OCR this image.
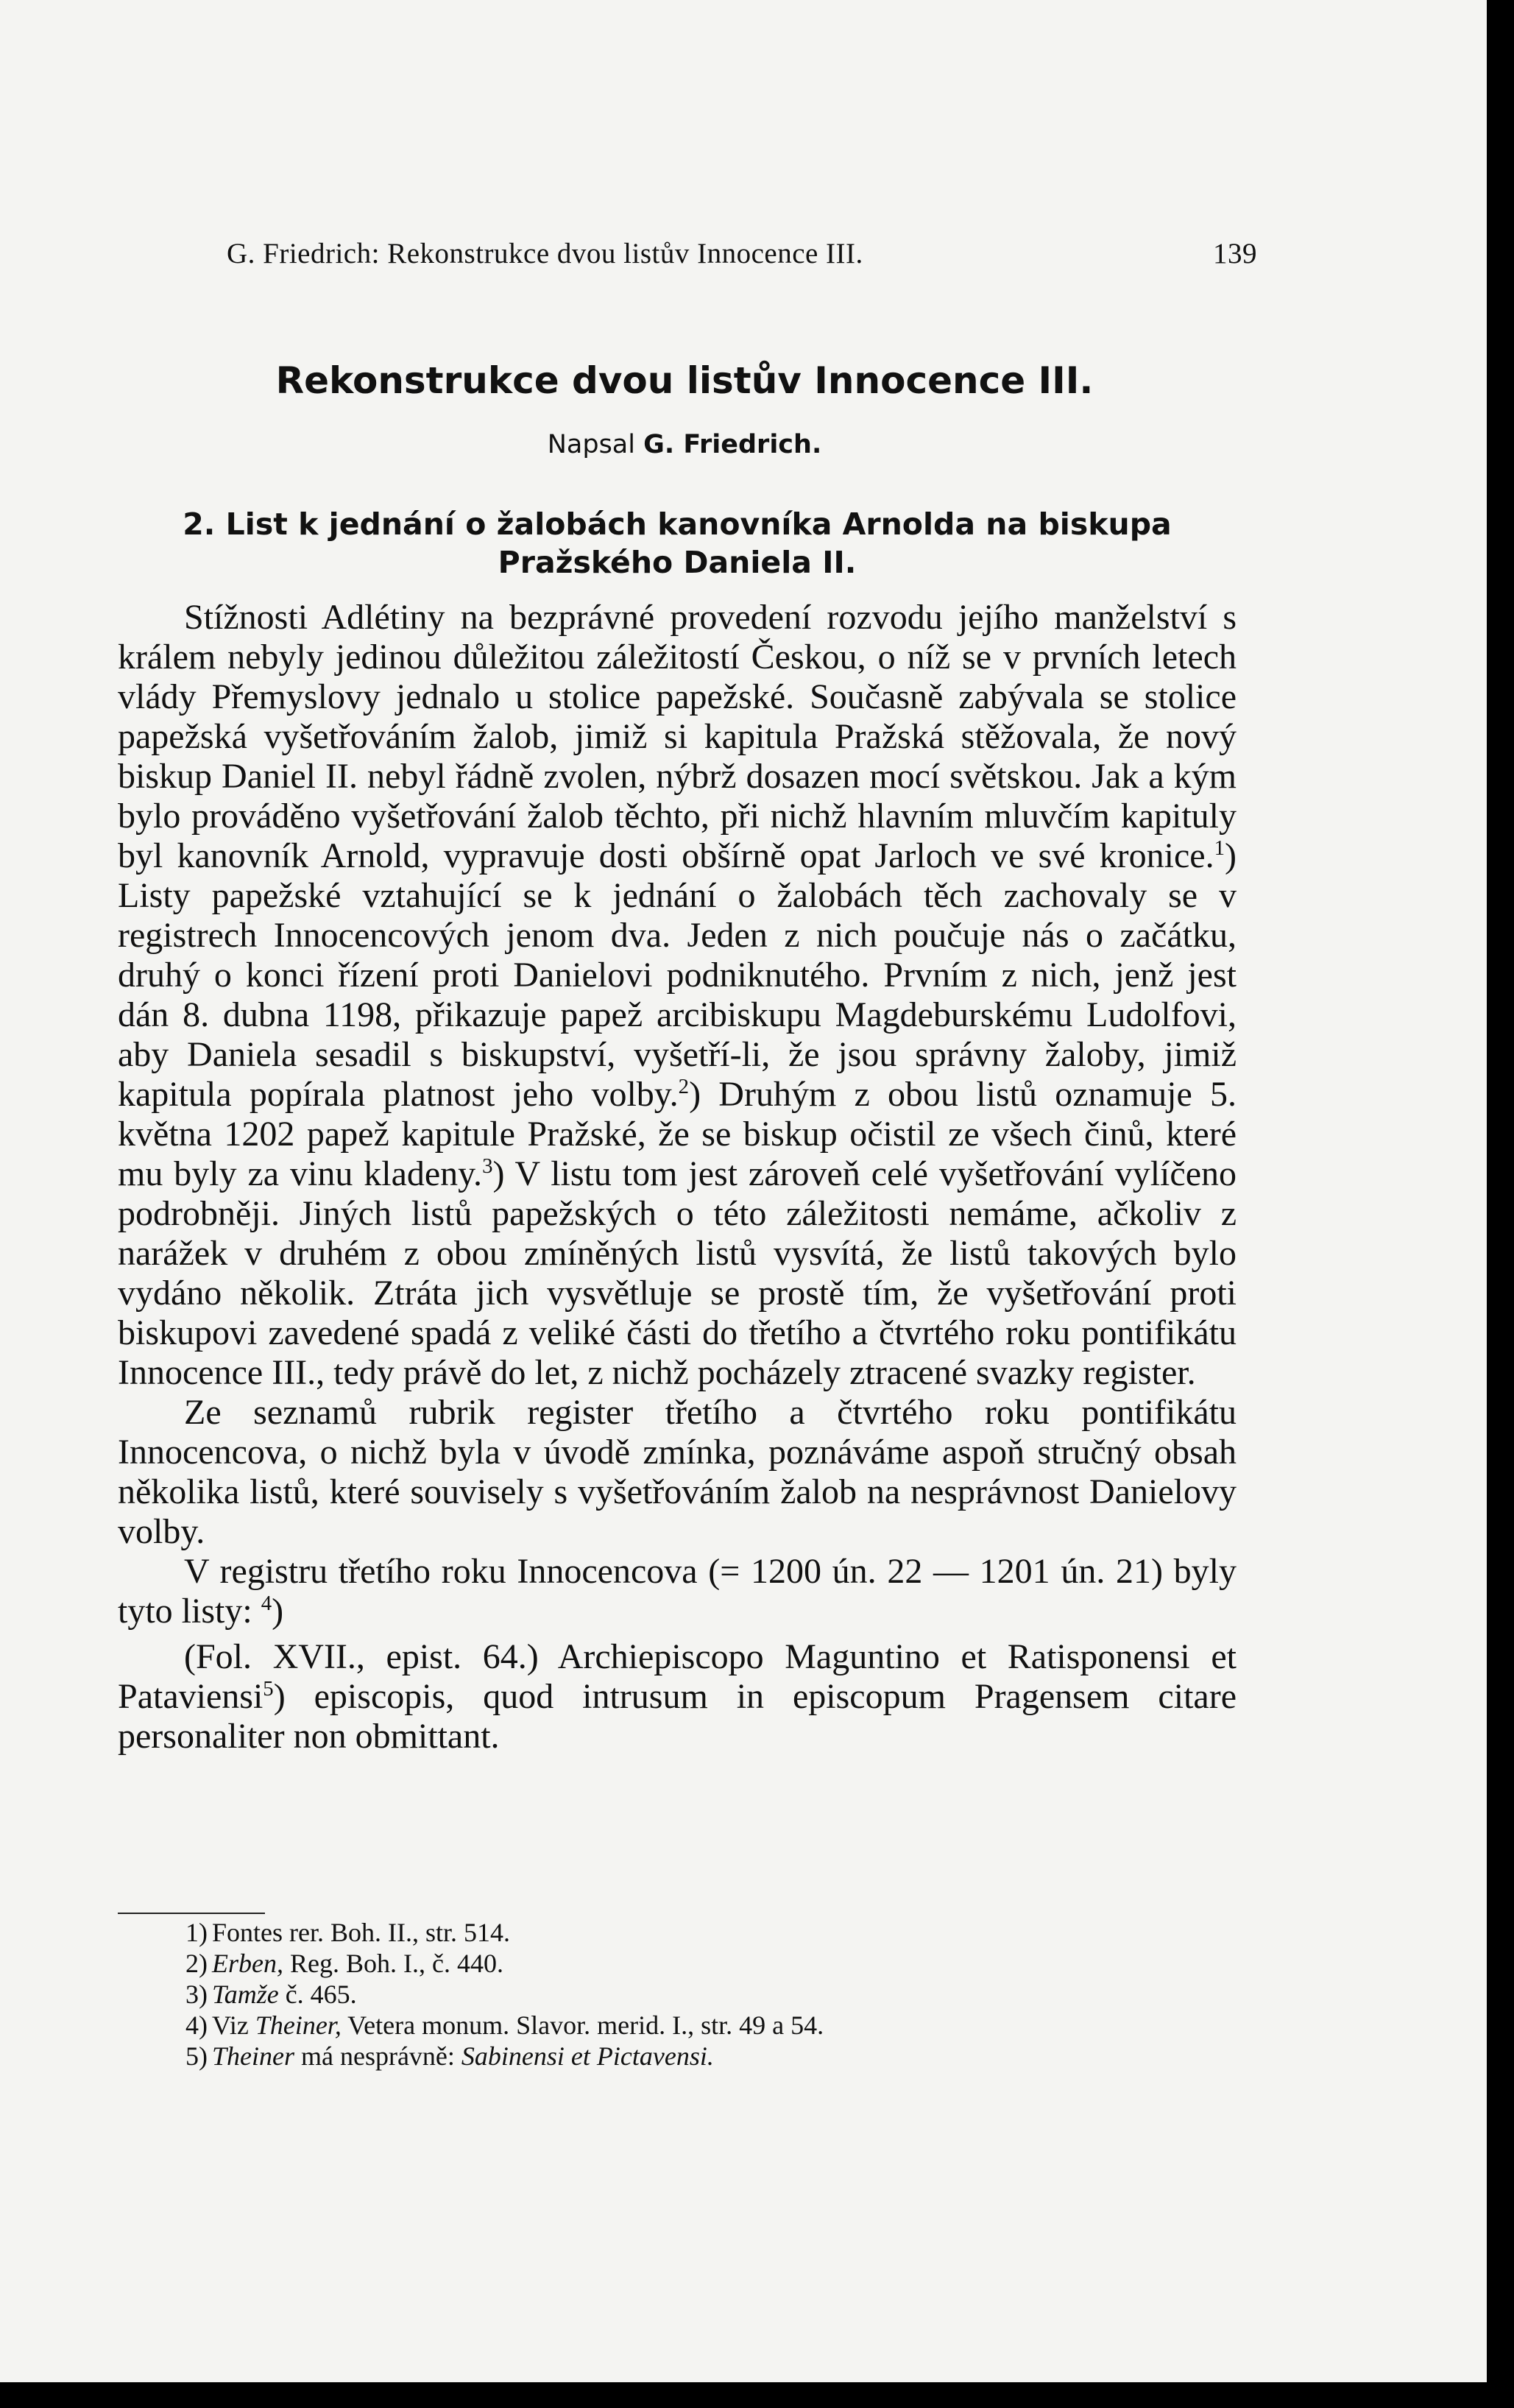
G. Friedrich: Rekonstrukce dvou listův Innocence III.	139
Rekonstrukce dvou listův Innocence III.
Napsal G. Friedrich.
2. List k jednání o žalobách kanovníka Arnolda na biskupa
Pražského Daniela II.

Stížnosti Adlétiny na bezprávné provedení rozvodu jejího manželství s králem nebyly jedinou důležitou záležitostí Českou, o níž se v prvních letech vlády Přemyslovy jednalo u stolice papežské. Současně zabývala se stolice papežská vyšetřováním žalob, jimiž si kapitula Pražská stěžovala, že nový biskup Daniel II. nebyl řádně zvolen, nýbrž dosazen mocí světskou. Jak a kým bylo prováděno vyšetřování žalob těchto, při nichž hlavním mluvčím kapituly byl kanovník Arnold, vypravuje dosti obšírně opat Jarloch ve své kronice.$^1$) Listy papežské vztahující se k jednání o žalobách těch zachovaly se v registrech Innocencových jenom dva. Jeden z nich poučuje nás o začátku, druhý o konci řízení proti Danielovi podniknutého. Prvním z nich, jenž jest dán 8. dubna 1198, přikazuje papež arcibiskupu Magdeburskému Ludolfovi, aby Daniela sesadil s biskupství, vyšetří-li, že jsou správny žaloby, jimiž kapitula popírala platnost jeho volby.$^2$) Druhým z obou listů oznamuje 5. května 1202 papež kapitule Pražské, že se biskup očistil ze všech činů, které mu byly za vinu kladeny.$^3$) V listu tom jest zároveň celé vyšetřování vylíčeno podrobněji. Jiných listů papežských o této záležitosti nemáme, ačkoliv z narážek v druhém z obou zmíněných listů vysvítá, že listů takových bylo vydáno několik. Ztráta jich vysvětluje se prostě tím, že vyšetřování proti biskupovi zavedené spadá z veliké části do třetího a čtvrtého roku pontifikátu Innocence III., tedy právě do let, z nichž pocházely ztracené svazky register.

Ze seznamů rubrik register třetího a čtvrtého roku pontifikátu Innocencova, o nichž byla v úvodě zmínka, poznáváme aspoň stručný obsah několika listů, které souvisely s vyšetřováním žalob na nesprávnost Danielovy volby.

V registru třetího roku Innocencova (= 1200 ún. 22 — 1201 ún. 21) byly tyto listy: $^4$)

(Fol. XVII., epist. 64.) Archiepiscopo Maguntino et Ratisponensi et Pataviensi$^5$) episcopis, quod intrusum in episcopum Pragensem citare personaliter non obmittant.

1) Fontes rer. Boh. II., str. 514.
2) Erben, Reg. Boh. I., č. 440.
3) Tamže č. 465.
4) Viz Theiner, Vetera monum. Slavor. merid. I., str. 49 a 54.
5) Theiner má nesprávně: Sabinensi et Pictavensi.
